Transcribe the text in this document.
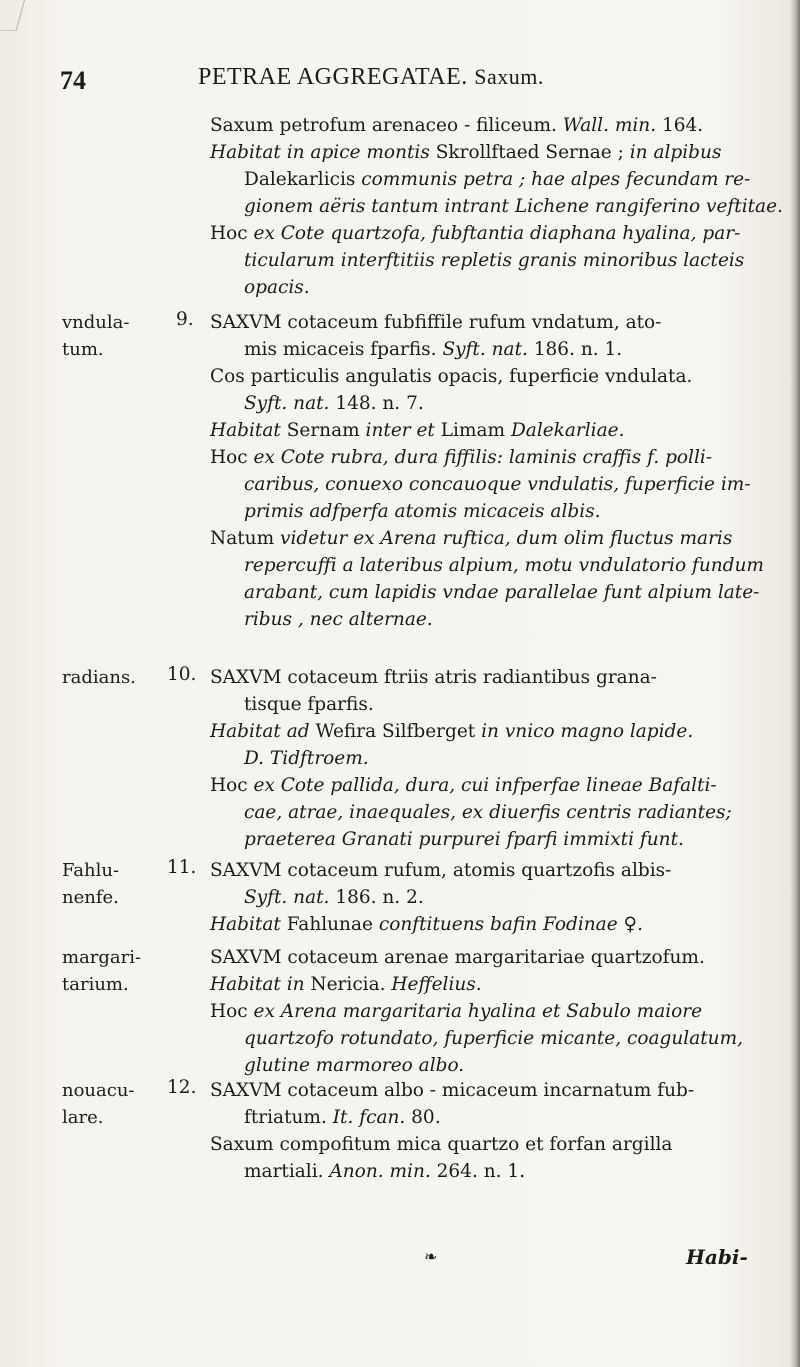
74	PETRAE AGGREGATAE. Saxum.
Saxum petrofum arenaceo - filiceum. Wall. min. 164.
Habitat in apice montis Skrollftaed Sernae ; in alpibus
Dalekarlicis communis petra ; hae alpes fecundam re-
gionem aëris tantum intrant Lichene rangiferino veftitae.
Hoc ex Cote quartzofa, fubftantia diaphana hyalina, par-
ticularum interftitiis repletis granis minoribus lacteis
opacis.
vndula-
tum.
9. SAXVM cotaceum fubfiffile rufum vndatum, ato-
mis micaceis fparfis. Syft. nat. 186. n. 1.
Cos particulis angulatis opacis, fuperficie vndulata.
Syft. nat. 148. n. 7.
Habitat Sernam inter et Limam Dalekarliae.
Hoc ex Cote rubra, dura fiffilis: laminis craffis f. polli-
caribus, conuexo concauoque vndulatis, fuperficie im-
primis adfperfa atomis micaceis albis.
Natum videtur ex Arena ruftica, dum olim fluctus maris
repercuffi a lateribus alpium, motu vndulatorio fundum
arabant, cum lapidis vndae parallelae funt alpium late-
ribus , nec alternae.
radians. 10. SAXVM cotaceum ftriis atris radiantibus grana-
tisque fparfis.
Habitat ad Wefira Silfberget in vnico magno lapide.
D. Tidftroem.
Hoc ex Cote pallida, dura, cui infperfae lineae Bafalti-
cae, atrae, inaequales, ex diuerfis centris radiantes;
praeterea Granati purpurei fparfi immixti funt.
Fahlu-
nenfe.
11. SAXVM cotaceum rufum, atomis quartzofis albis-
Syft. nat. 186. n. 2.
Habitat Fahlunae conftituens bafin Fodinae ♀.
margari-
tarium.
SAXVM cotaceum arenae margaritariae quartzofum.
Habitat in Nericia. Heffelius.
Hoc ex Arena margaritaria hyalina et Sabulo maiore
quartzofo rotundato, fuperficie micante, coagulatum,
glutine marmoreo albo.
nouacu-
lare.
12. SAXVM cotaceum albo - micaceum incarnatum fub-
ftriatum. It. fcan. 80.
Saxum compofitum mica quartzo et forfan argilla
martiali. Anon. min. 264. n. 1.
❧	Habi-
